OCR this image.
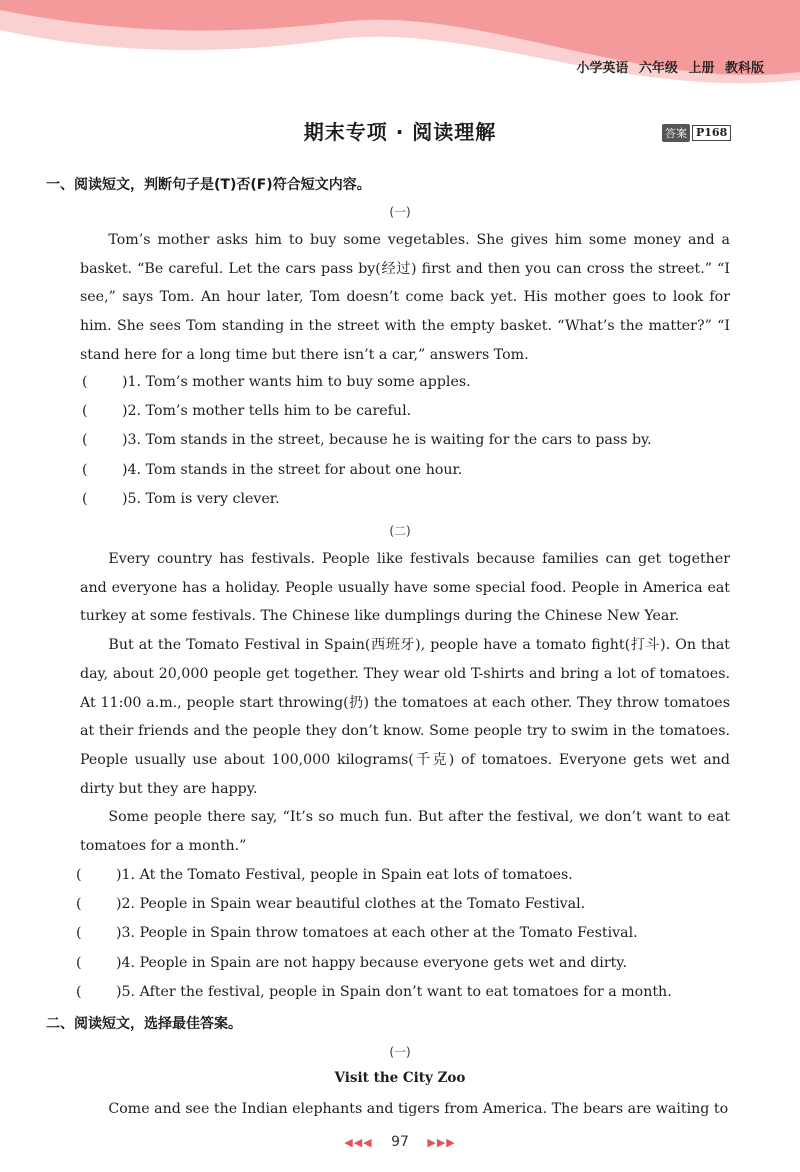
小学英语 六年级 上册 教科版
期末专项 · 阅读理解	答案 P168
一、阅读短文，判断句子是(T)否(F)符合短文内容。
(一)

Tom’s mother asks him to buy some vegetables. She gives him some money and a basket. “Be careful. Let the cars pass by(经过) first and then you can cross the street.” “I see,” says Tom. An hour later, Tom doesn’t come back yet. His mother goes to look for him. She sees Tom standing in the street with the empty basket. “What’s the matter?” “I stand here for a long time but there isn’t a car,” answers Tom.

()1. Tom’s mother wants him to buy some apples.
()2. Tom’s mother tells him to be careful.
()3. Tom stands in the street, because he is waiting for the cars to pass by.
()4. Tom stands in the street for about one hour.
()5. Tom is very clever.
(二)

Every country has festivals. People like festivals because families can get together and everyone has a holiday. People usually have some special food. People in America eat turkey at some festivals. The Chinese like dumplings during the Chinese New Year.

But at the Tomato Festival in Spain(西班牙), people have a tomato fight(打斗). On that day, about 20,000 people get together. They wear old T-shirts and bring a lot of tomatoes. At 11:00 a.m., people start throwing(扔) the tomatoes at each other. They throw tomatoes at their friends and the people they don’t know. Some people try to swim in the tomatoes. People usually use about 100,000 kilograms(千克) of tomatoes. Everyone gets wet and dirty but they are happy.

Some people there say, “It’s so much fun. But after the festival, we don’t want to eat tomatoes for a month.”

()1. At the Tomato Festival, people in Spain eat lots of tomatoes.
()2. People in Spain wear beautiful clothes at the Tomato Festival.
()3. People in Spain throw tomatoes at each other at the Tomato Festival.
()4. People in Spain are not happy because everyone gets wet and dirty.
()5. After the festival, people in Spain don’t want to eat tomatoes for a month.
二、阅读短文，选择最佳答案。
(一)
Visit the City Zoo

Come and see the Indian elephants and tigers from America. The bears are waiting to

◀◀◀ 97 ▶▶▶
